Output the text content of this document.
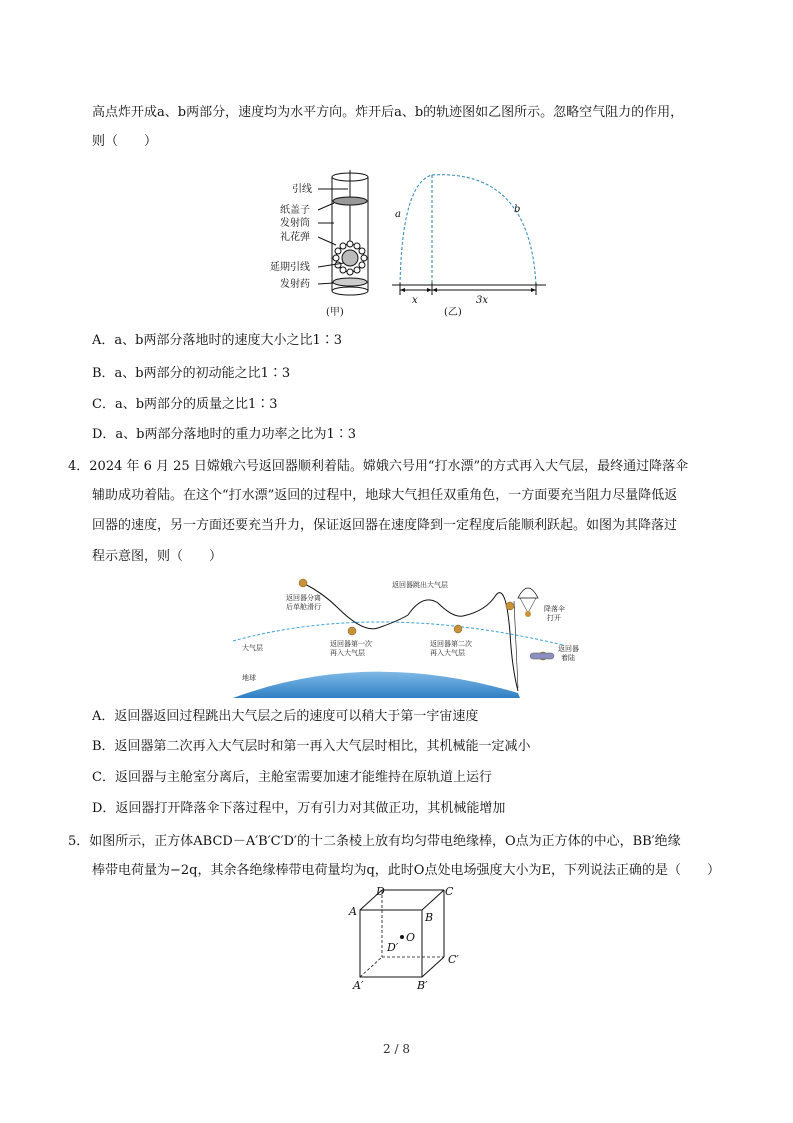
高点炸开成a、b两部分，速度均为水平方向。炸开后a、b的轨迹图如乙图所示。忽略空气阻力的作用，
则（　　）
引线
纸盖子
发射筒
礼花弹
延期引线
发射药
(甲)
a	b
x	3x
(乙)
A．a、b两部分落地时的速度大小之比1∶3
B．a、b两部分的初动能之比1∶3
C．a、b两部分的质量之比1∶3
D．a、b两部分落地时的重力功率之比为1∶3
4．2024 年 6 月 25 日嫦娥六号返回器顺利着陆。嫦娥六号用“打水漂”的方式再入大气层，最终通过降落伞
辅助成功着陆。在这个“打水漂”返回的过程中，地球大气担任双重角色，一方面要充当阻力尽量降低返
回器的速度，另一方面还要充当升力，保证返回器在速度降到一定程度后能顺利跃起。如图为其降落过
程示意图，则（　　）
返回器分离
后单舱滑行
返回器跳出大气层
返回器第一次
再入大气层
返回器第二次
再入大气层
降落伞
打开
返回器
着陆
大气层
地球
A．返回器返回过程跳出大气层之后的速度可以稍大于第一宇宙速度
B．返回器第二次再入大气层时和第一再入大气层时相比，其机械能一定减小
C．返回器与主舱室分离后，主舱室需要加速才能维持在原轨道上运行
D．返回器打开降落伞下落过程中，万有引力对其做正功，其机械能增加
5．如图所示，正方体ABCD－A′B′C′D′的十二条棱上放有均匀带电绝缘棒，O点为正方体的中心，BB′绝缘
棒带电荷量为−2q，其余各绝缘棒带电荷量均为q，此时O点处电场强度大小为E，下列说法正确的是（　　）
D	C
A	B
O
D′
C′
A′	B′
2 / 8
